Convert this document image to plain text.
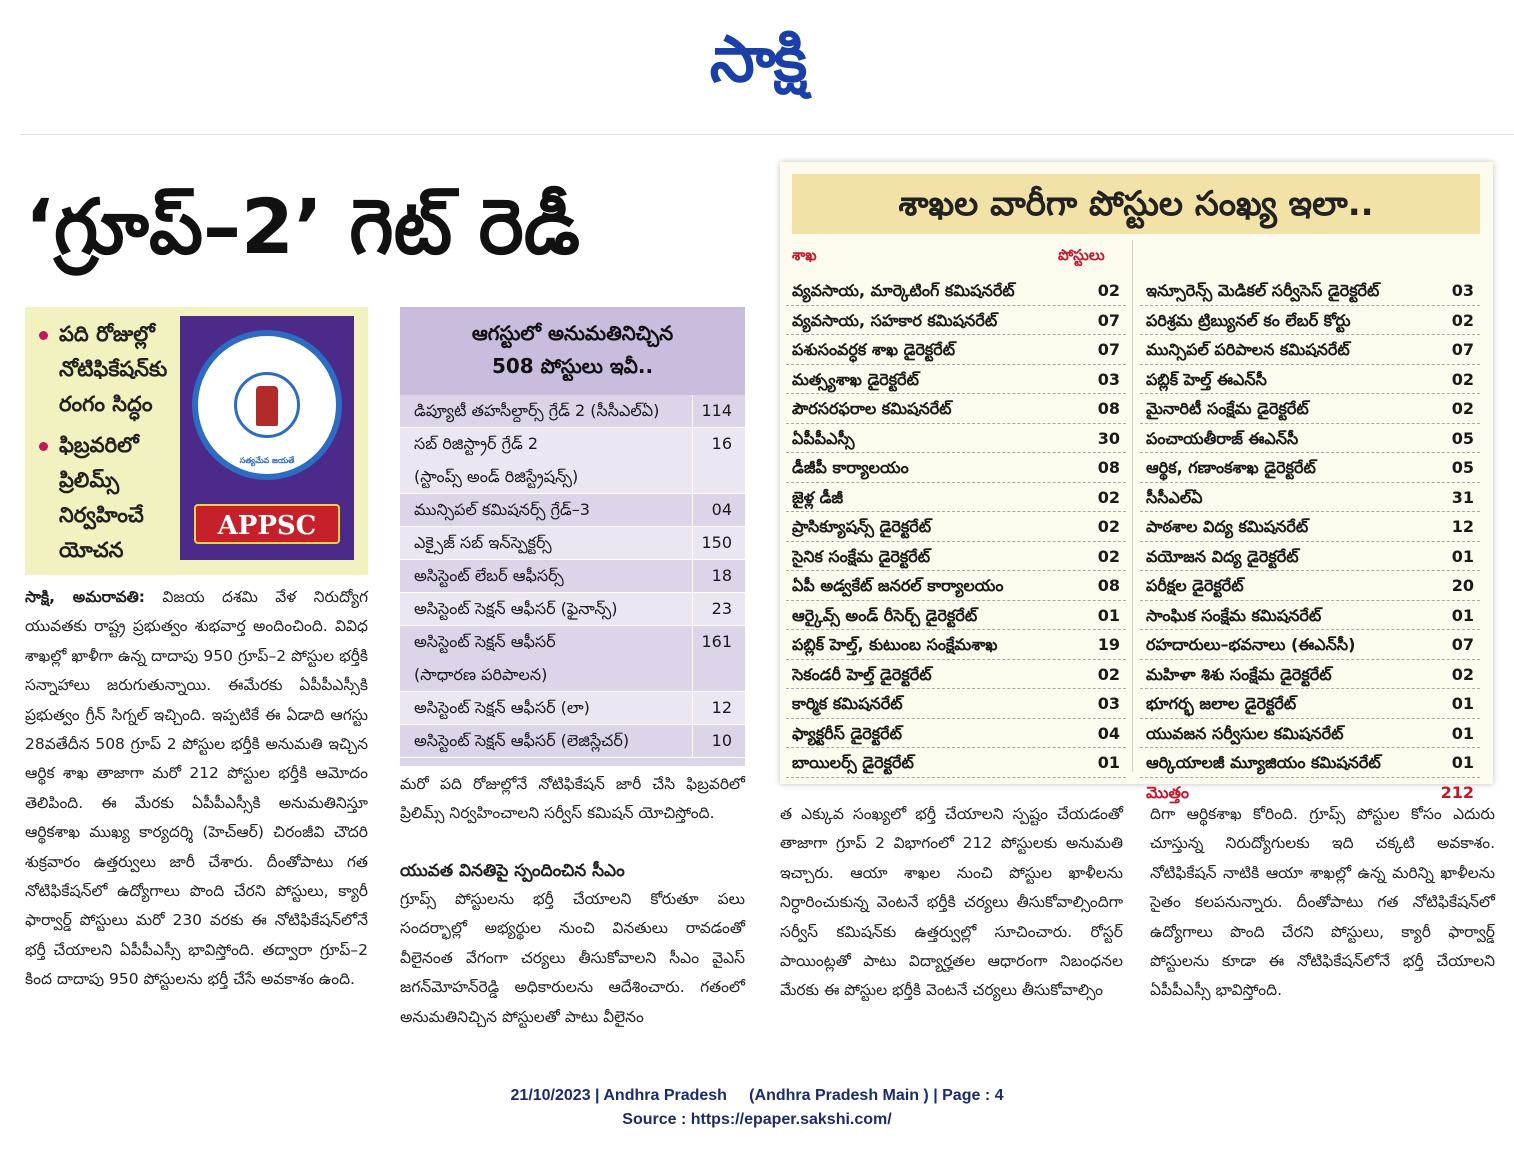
సాక్షి
‘గ్రూప్‌–2’ గెట్‌ రెడీ
పది రోజుల్లో నోటిఫికేషన్‌కు రంగం సిద్ధం
ఫిబ్రవరిలో ప్రిలిమ్స్‌ నిర్వహించే యోచన
సత్యమేవ జయతే
APPSC

సాక్షి, అమరావతి: విజయ దశమి వేళ నిరుద్యోగ యువతకు రాష్ట్ర ప్రభుత్వం శుభవార్త అందించింది. వివిధ శాఖల్లో ఖాళీగా ఉన్న దాదాపు 950 గ్రూప్‌–2 పోస్టుల భర్తీకి సన్నాహాలు జరుగుతున్నాయి. ఈమేరకు ఏపీపీఎస్సీకి ప్రభుత్వం గ్రీన్‌ సిగ్నల్‌ ఇచ్చింది. ఇప్పటికే ఈ ఏడాది ఆగస్టు 28వతేదీన 508 గ్రూప్‌ 2 పోస్టుల భర్తీకి అనుమతి ఇచ్చిన ఆర్థిక శాఖ తాజాగా మరో 212 పోస్టుల భర్తీకి ఆమోదం తెలిపింది. ఈ మేరకు ఏపీపీఎస్సీకి అనుమతినిస్తూ ఆర్థికశాఖ ముఖ్య కార్యదర్శి (హెచ్‌ఆర్‌) చిరంజీవి చౌదరి శుక్రవారం ఉత్తర్వులు జారీ చేశారు. దీంతోపాటు గత నోటిఫికేషన్‌లో ఉద్యోగాలు పొంది చేరని పోస్టులు, క్యారీ ఫార్వార్డ్‌ పోస్టులు మరో 230 వరకు ఈ నోటిఫికేషన్‌లోనే భర్తీ చేయాలని ఏపీపీఎస్సీ భావిస్తోంది. తద్వారా గ్రూప్‌–2 కింద దాదాపు 950 పోస్టులను భర్తీ చేసే అవకాశం ఉంది.

ఆగస్టులో అనుమతినిచ్చిన
508 పోస్టులు ఇవీ..
డిప్యూటీ తహసీల్దార్స్‌ గ్రేడ్‌ 2 (సీసీఎల్‌ఏ)	114
సబ్‌ రిజిస్ట్రార్‌ గ్రేడ్‌ 2
(స్టాంప్స్‌ అండ్‌ రిజిస్ట్రేషన్స్‌)
16
మున్సిపల్‌ కమిషనర్స్‌ గ్రేడ్‌–3	04
ఎక్సైజ్‌ సబ్‌ ఇన్‌స్పెక్టర్స్‌	150
అసిస్టెంట్‌ లేబర్‌ ఆఫీసర్స్‌	18
అసిస్టెంట్‌ సెక్షన్‌ ఆఫీసర్‌ (ఫైనాన్స్‌)	23
అసిస్టెంట్‌ సెక్షన్‌ ఆఫీసర్‌
(సాధారణ పరిపాలన)
161
అసిస్టెంట్‌ సెక్షన్‌ ఆఫీసర్‌ (లా)	12
అసిస్టెంట్‌ సెక్షన్‌ ఆఫీసర్‌ (లెజిస్లేచర్‌)	10

మరో పది రోజుల్లోనే నోటిఫికేషన్‌ జారీ చేసి ఫిబ్రవరిలో ప్రిలిమ్స్‌ నిర్వహించాలని సర్వీస్‌ కమిషన్‌ యోచిస్తోంది.

యువత వినతిపై స్పందించిన సీఎం

గ్రూప్స్‌ పోస్టులను భర్తీ చేయాలని కోరుతూ పలు సందర్భాల్లో అభ్యర్థుల నుంచి వినతులు రావడంతో వీలైనంత వేగంగా చర్యలు తీసుకోవాలని సీఎం వైఎస్‌ జగన్‌మోహన్‌రెడ్డి అధికారులను ఆదేశించారు. గతంలో అనుమతినిచ్చిన పోస్టులతో పాటు వీలైనం

శాఖల వారీగా పోస్టుల సంఖ్య ఇలా..
శాఖ	పోస్టులు
వ్యవసాయ, మార్కెటింగ్‌ కమిషనరేట్‌	02
వ్యవసాయ, సహకార కమిషనరేట్‌	07
పశుసంవర్ధక శాఖ డైరెక్టరేట్‌	07
మత్స్యశాఖ డైరెక్టరేట్‌	03
పౌరసరఫరాల కమిషనరేట్‌	08
ఏపీపీఎస్సీ	30
డీజీపీ కార్యాలయం	08
జైళ్ల డీజీ	02
ప్రాసిక్యూషన్స్‌ డైరెక్టరేట్‌	02
సైనిక సంక్షేమ డైరెక్టరేట్‌	02
ఏపీ అడ్వకేట్‌ జనరల్‌ కార్యాలయం	08
ఆర్కైవ్స్‌ అండ్‌ రీసెర్చ్‌ డైరెక్టరేట్‌	01
పబ్లిక్‌ హెల్త్‌, కుటుంబ సంక్షేమశాఖ	19
సెకండరీ హెల్త్‌ డైరెక్టరేట్‌	02
కార్మిక కమిషనరేట్‌	03
ఫ్యాక్టరీస్‌ డైరెక్టరేట్‌	04
బాయిలర్స్‌ డైరెక్టరేట్‌	01
ఇన్సూరెన్స్‌ మెడికల్‌ సర్వీసెస్‌ డైరెక్టరేట్‌	03
పరిశ్రమ ట్రిబ్యునల్‌ కం లేబర్‌ కోర్టు	02
మున్సిపల్‌ పరిపాలన కమిషనరేట్‌	07
పబ్లిక్‌ హెల్త్‌ ఈఎన్‌సీ	02
మైనారిటీ సంక్షేమ డైరెక్టరేట్‌	02
పంచాయతీరాజ్‌ ఈఎన్‌సీ	05
ఆర్థిక, గణాంకశాఖ డైరెక్టరేట్‌	05
సీసీఎల్‌ఏ	31
పాఠశాల విద్య కమిషనరేట్‌	12
వయోజన విద్య డైరెక్టరేట్‌	01
పరీక్షల డైరెక్టరేట్‌	20
సాంఘిక సంక్షేమ కమిషనరేట్‌	01
రహదారులు–భవనాలు (ఈఎన్‌సీ)	07
మహిళా శిశు సంక్షేమ డైరెక్టరేట్‌	02
భూగర్భ జలాల డైరెక్టరేట్‌	01
యువజన సర్వీసుల కమిషనరేట్‌	01
ఆర్కియాలజీ మ్యూజియం కమిషనరేట్‌	01
మొత్తం	212

త ఎక్కువ సంఖ్యలో భర్తీ చేయాలని స్పష్టం చేయడంతో తాజాగా గ్రూప్‌ 2 విభాగంలో 212 పోస్టులకు అనుమతి ఇచ్చారు. ఆయా శాఖల నుంచి పోస్టుల ఖాళీలను నిర్ధారించుకున్న వెంటనే భర్తీకి చర్యలు తీసుకోవాల్సిందిగా సర్వీస్‌ కమిషన్‌కు ఉత్తర్వుల్లో సూచించారు. రోస్టర్‌ పాయింట్లతో పాటు విద్యార్హతల ఆధారంగా నిబంధనల మేరకు ఈ పోస్టుల భర్తీకి వెంటనే చర్యలు తీసుకోవాల్సిం

దిగా ఆర్థికశాఖ కోరింది. గ్రూప్స్‌ పోస్టుల కోసం ఎదురు చూస్తున్న నిరుద్యోగులకు ఇది చక్కటి అవకాశం. నోటిఫికేషన్‌ నాటికి ఆయా శాఖల్లో ఉన్న మరిన్ని ఖాళీలను సైతం కలపనున్నారు. దీంతోపాటు గత నోటిఫికేషన్‌లో ఉద్యోగాలు పొంది చేరని పోస్టులు, క్యారీ ఫార్వార్డ్‌ పోస్టులను కూడా ఈ నోటిఫికేషన్‌లోనే భర్తీ చేయాలని ఏపీపీఎస్సీ భావిస్తోంది.

21/10/2023 | Andhra Pradesh     (Andhra Pradesh Main ) | Page : 4
Source : https://epaper.sakshi.com/
